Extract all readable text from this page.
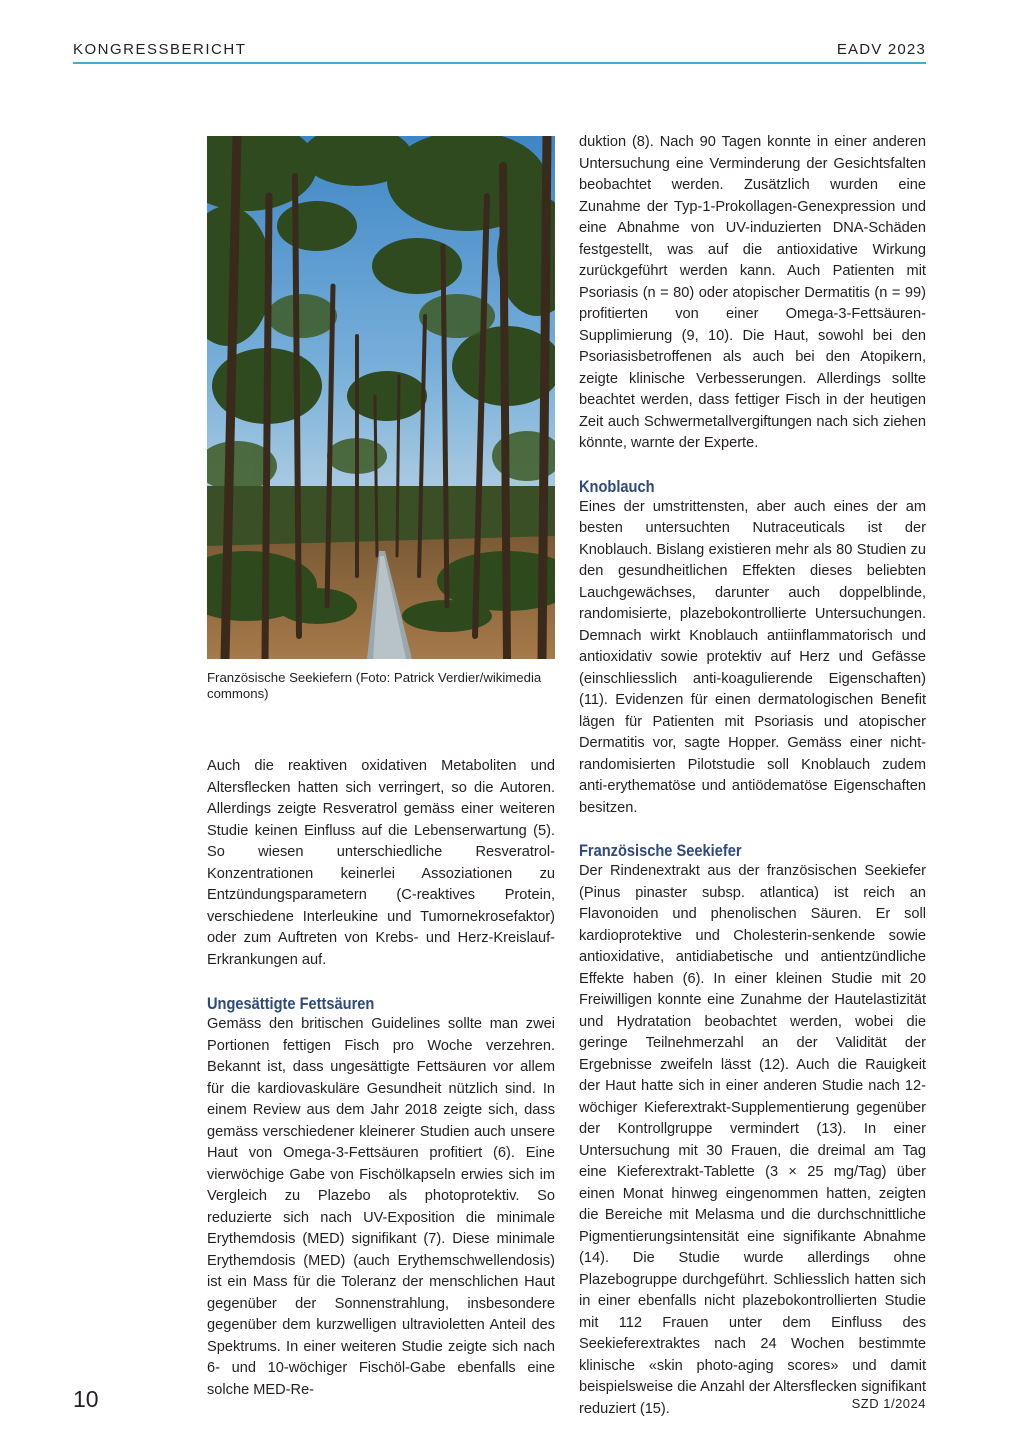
KONGRESSBERICHT	EADV 2023
Französische Seekiefern (Foto: Patrick Verdier/wikimedia commons)

Auch die reaktiven oxidativen Metaboliten und Altersflecken hatten sich verringert, so die Autoren. Allerdings zeigte Resveratrol gemäss einer weiteren Studie keinen Einfluss auf die Lebenserwartung (5). So wiesen unterschiedliche Resveratrol-Konzentrationen keinerlei Assoziationen zu Entzündungsparametern (C-reaktives Protein, verschiedene Interleukine und Tumornekrosefaktor) oder zum Auftreten von Krebs- und Herz-Kreislauf-Erkrankungen auf.

Ungesättigte Fettsäuren

Gemäss den britischen Guidelines sollte man zwei Portionen fettigen Fisch pro Woche verzehren. Bekannt ist, dass ungesättigte Fettsäuren vor allem für die kardiovaskuläre Gesundheit nützlich sind. In einem Review aus dem Jahr 2018 zeigte sich, dass gemäss verschiedener kleinerer Studien auch unsere Haut von Omega-3-Fettsäuren profitiert (6). Eine vierwöchige Gabe von Fischölkapseln erwies sich im Vergleich zu Plazebo als photoprotektiv. So reduzierte sich nach UV-Exposition die minimale Erythemdosis (MED) signifikant (7). Diese minimale Erythemdosis (MED) (auch Erythemschwellendosis) ist ein Mass für die Toleranz der menschlichen Haut gegenüber der Sonnenstrahlung, insbesondere gegenüber dem kurzwelligen ultravioletten Anteil des Spektrums. In einer weiteren Studie zeigte sich nach 6- und 10-wöchiger Fischöl-Gabe ebenfalls eine solche MED-Re-

duktion (8). Nach 90 Tagen konnte in einer anderen Untersuchung eine Verminderung der Gesichtsfalten beobachtet werden. Zusätzlich wurden eine Zunahme der Typ-1-Prokollagen-Genexpression und eine Abnahme von UV-induzierten DNA-Schäden festgestellt, was auf die antioxidative Wirkung zurückgeführt werden kann. Auch Patienten mit Psoriasis (n = 80) oder atopischer Dermatitis (n = 99) profitierten von einer Omega-3-Fettsäuren-Supplimierung (9, 10). Die Haut, sowohl bei den Psoriasisbetroffenen als auch bei den Atopikern, zeigte klinische Verbesserungen. Allerdings sollte beachtet werden, dass fettiger Fisch in der heutigen Zeit auch Schwermetallvergiftungen nach sich ziehen könnte, warnte der Experte.

Knoblauch

Eines der umstrittensten, aber auch eines der am besten untersuchten Nutraceuticals ist der Knoblauch. Bislang existieren mehr als 80 Studien zu den gesundheitlichen Effekten dieses beliebten Lauchgewächses, darunter auch doppelblinde, randomisierte, plazebokontrollierte Untersuchungen. Demnach wirkt Knoblauch antiinflammatorisch und antioxidativ sowie protektiv auf Herz und Gefässe (einschliesslich anti-koagulierende Eigenschaften) (11). Evidenzen für einen dermatologischen Benefit lägen für Patienten mit Psoriasis und atopischer Dermatitis vor, sagte Hopper. Gemäss einer nicht-randomisierten Pilotstudie soll Knoblauch zudem anti-erythematöse und antiödematöse Eigenschaften besitzen.

Französische Seekiefer

Der Rindenextrakt aus der französischen Seekiefer (Pinus pinaster subsp. atlantica) ist reich an Flavonoiden und phenolischen Säuren. Er soll kardioprotektive und Cholesterin-senkende sowie antioxidative, antidiabetische und antientzündliche Effekte haben (6). In einer kleinen Studie mit 20 Freiwilligen konnte eine Zunahme der Hautelastizität und Hydratation beobachtet werden, wobei die geringe Teilnehmerzahl an der Validität der Ergebnisse zweifeln lässt (12). Auch die Rauigkeit der Haut hatte sich in einer anderen Studie nach 12-wöchiger Kieferextrakt-Supplementierung gegenüber der Kontrollgruppe vermindert (13). In einer Untersuchung mit 30 Frauen, die dreimal am Tag eine Kieferextrakt-Tablette (3 × 25 mg/Tag) über einen Monat hinweg eingenommen hatten, zeigten die Bereiche mit Melasma und die durchschnittliche Pigmentierungsintensität eine signifikante Abnahme (14). Die Studie wurde allerdings ohne Plazebogruppe durchgeführt. Schliesslich hatten sich in einer ebenfalls nicht plazebokontrollierten Studie mit 112 Frauen unter dem Einfluss des Seekieferextraktes nach 24 Wochen bestimmte klinische «skin photo-aging scores» und damit beispielsweise die Anzahl der Altersflecken signifikant reduziert (15).

10	SZD 1/2024
